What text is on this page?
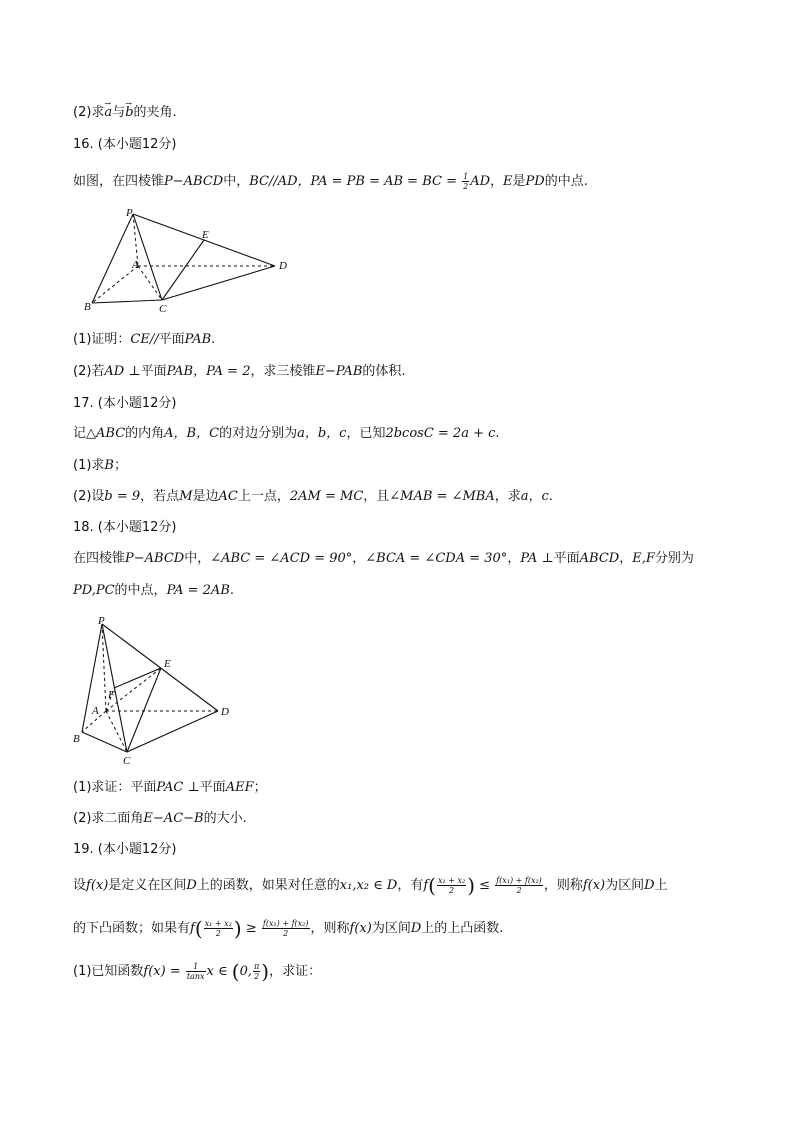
(2)求→ a与→ b的夹角.
16. (本小题12分)
如图，在四棱锥P−ABCD中，BC//AD，PA = PB = AB = BC = $\frac{1}{2}$ AD，E是PD的中点.
P
E
A	D
B	C
(1)证明：CE//平面PAB.
(2)若AD ⊥平面PAB，PA = 2，求三棱锥E−PAB的体积.
17. (本小题12分)
记△ABC的内角A，B，C的对边分别为a，b，c，已知2bcosC = 2a + c.
(1)求B；
(2)设b = 9，若点M是边AC上一点，2AM = MC，且∠MAB = ∠MBA，求a，c.
18. (本小题12分)
在四棱锥P−ABCD中，∠ABC = ∠ACD = 90°，∠BCA = ∠CDA = 30°，PA ⊥平面ABCD，E,F分别为
PD,PC的中点，PA = 2AB.
P
E
F
A	D
B
C
(1)求证：平面PAC ⊥平面AEF；
(2)求二面角E−AC−B的大小.
19. (本小题12分)
设f(x)是定义在区间D上的函数，如果对任意的x₁,x₂ ∈ D，有$f( \frac{\text{x₁ + x₂}}{2}$ ) ≤ $\frac{\text{f(x₁) + f(x₂)}}{2}$ ，则称f(x)为区间D上
的下凸函数；如果有$f( \frac{\text{x₁ + x₂}}{2}$ ) ≥ $\frac{\text{f(x₁) + f(x₂)}}{2}$ ，则称f(x)为区间D上的上凸函数.
(1)已知函数$f(x) = \frac{1}{\tan x}$ x ∈ (0, $\frac{\pi}{2}$ )，求证：
